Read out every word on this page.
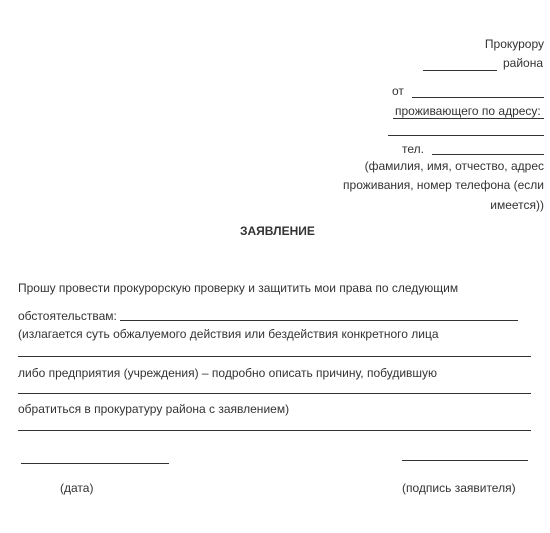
Прокурору
района
от
проживающего по адресу:
тел.
(фамилия, имя, отчество, адрес
проживания, номер телефона (если
имеется))
ЗАЯВЛЕНИЕ
Прошу провести прокурорскую проверку и защитить мои права по следующим
обстоятельствам:
(излагается суть обжалуемого действия или бездействия конкретного лица
либо предприятия (учреждения) – подробно описать причину, побудившую
обратиться в прокуратуру района с заявлением)
(дата)	(подпись заявителя)
